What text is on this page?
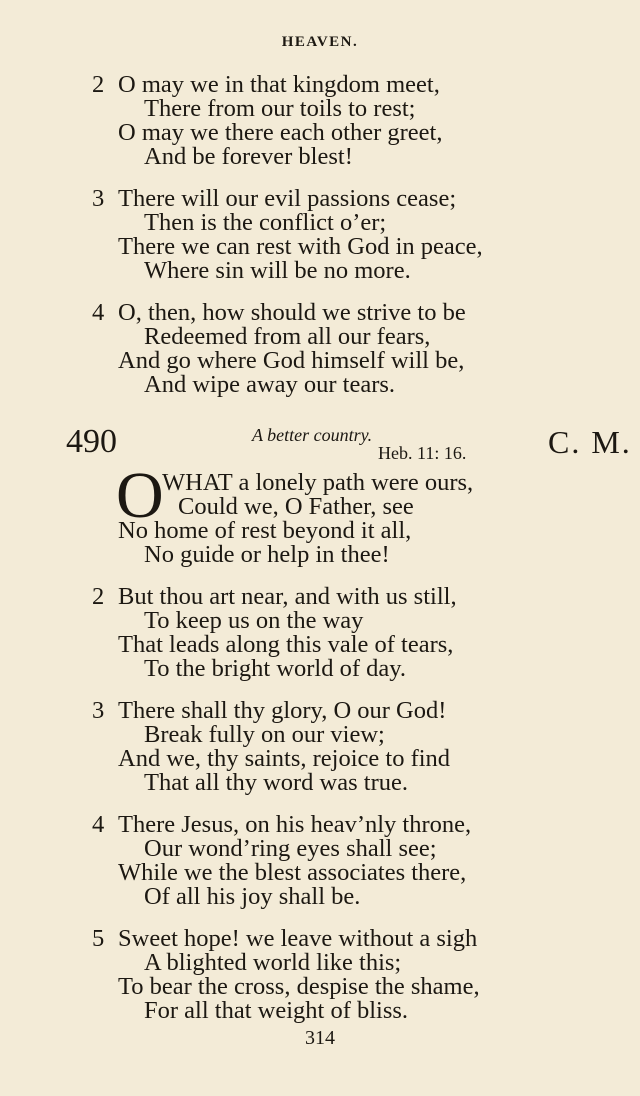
HEAVEN.
2 O may we in that kingdom meet,
There from our toils to rest;
O may we there each other greet,
And be forever blest!
3 There will our evil passions cease;
Then is the conflict o’er;
There we can rest with God in peace,
Where sin will be no more.
4 O, then, how should we strive to be
Redeemed from all our fears,
And go where God himself will be,
And wipe away our tears.
490	A better country.
Heb. 11: 16.	C. M.
O
WHAT a lonely path were ours,
Could we, O Father, see
No home of rest beyond it all,
No guide or help in thee!
2 But thou art near, and with us still,
To keep us on the way
That leads along this vale of tears,
To the bright world of day.
3 There shall thy glory, O our God!
Break fully on our view;
And we, thy saints, rejoice to find
That all thy word was true.
4 There Jesus, on his heav’nly throne,
Our wond’ring eyes shall see;
While we the blest associates there,
Of all his joy shall be.
5 Sweet hope! we leave without a sigh
A blighted world like this;
To bear the cross, despise the shame,
For all that weight of bliss.
314
